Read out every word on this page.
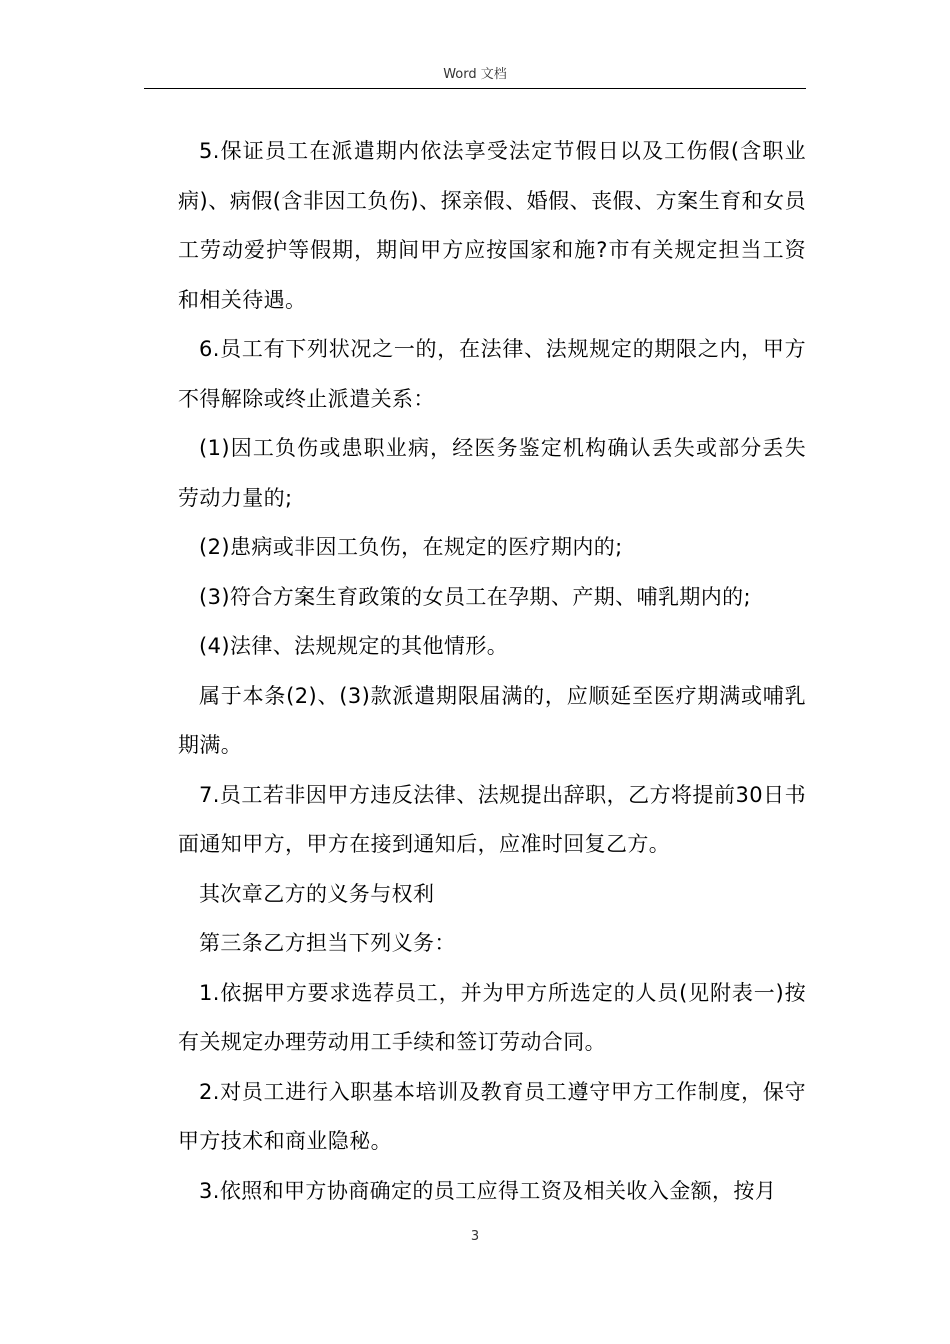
Word 文档

5.保证员工在派遣期内依法享受法定节假日以及工伤假(含职业病)、病假(含非因工负伤)、探亲假、婚假、丧假、方案生育和女员工劳动爱护等假期，期间甲方应按国家和施?市有关规定担当工资和相关待遇。

6.员工有下列状况之一的，在法律、法规规定的期限之内，甲方不得解除或终止派遣关系：

(1)因工负伤或患职业病，经医务鉴定机构确认丢失或部分丢失劳动力量的;

(2)患病或非因工负伤，在规定的医疗期内的;

(3)符合方案生育政策的女员工在孕期、产期、哺乳期内的;

(4)法律、法规规定的其他情形。

属于本条(2)、(3)款派遣期限届满的，应顺延至医疗期满或哺乳期满。

7.员工若非因甲方违反法律、法规提出辞职，乙方将提前30日书面通知甲方，甲方在接到通知后，应准时回复乙方。

其次章乙方的义务与权利

第三条乙方担当下列义务：

1.依据甲方要求选荐员工，并为甲方所选定的人员(见附表一)按有关规定办理劳动用工手续和签订劳动合同。

2.对员工进行入职基本培训及教育员工遵守甲方工作制度，保守甲方技术和商业隐秘。

3.依照和甲方协商确定的员工应得工资及相关收入金额，按月

3
